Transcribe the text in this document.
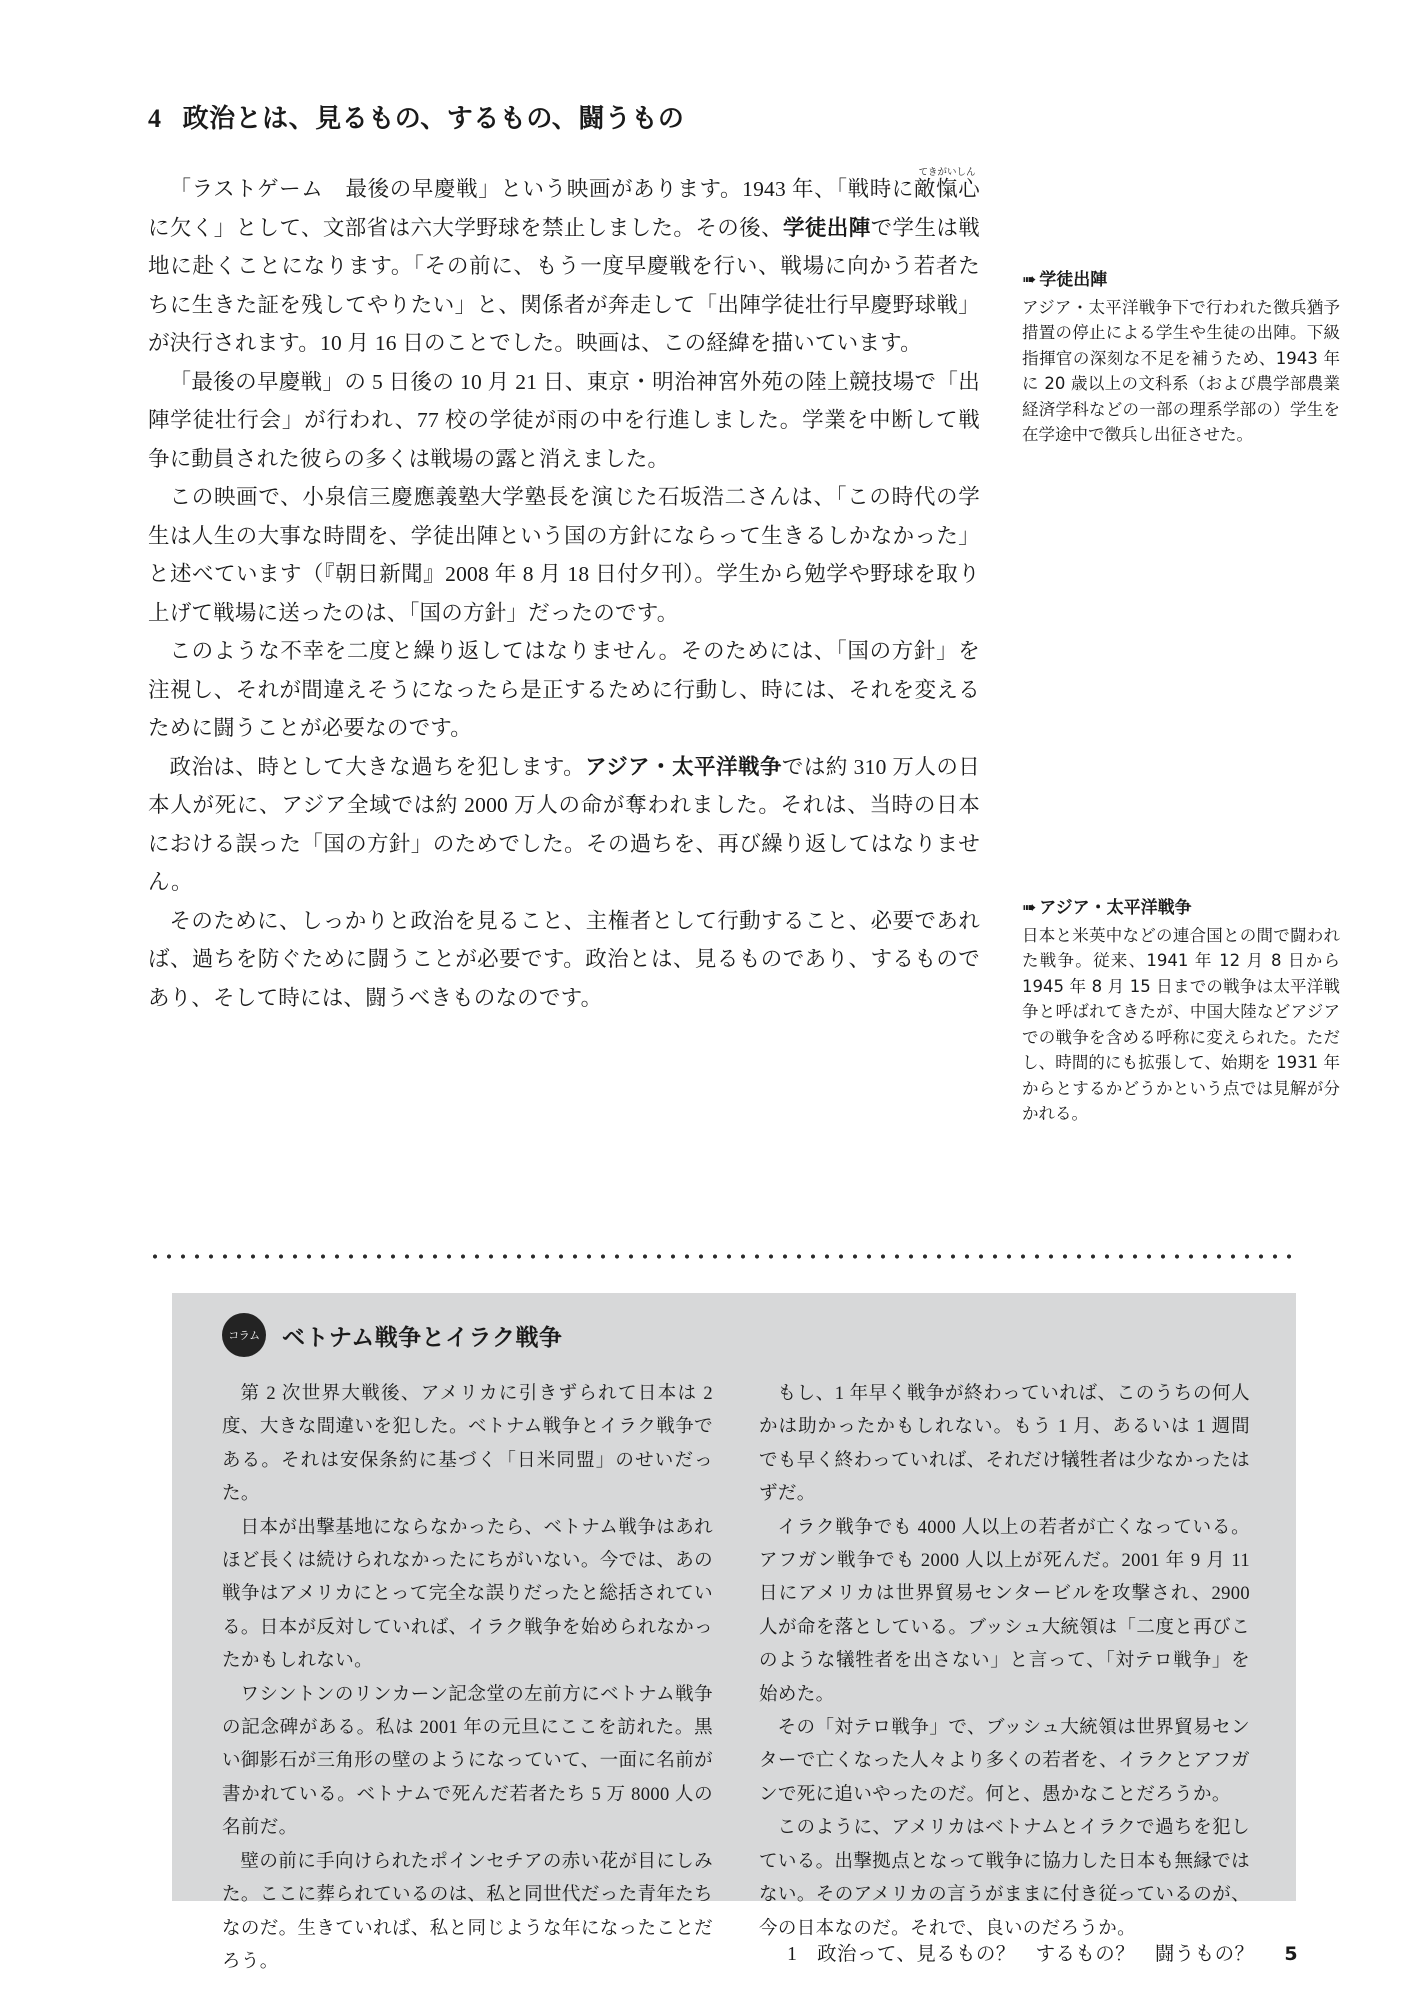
4 政治とは、見るもの、するもの、闘うもの

「ラストゲーム　最後の早慶戦」という映画があります。1943 年、「戦時に敵愾心てきがいしんに欠く」として、文部省は六大学野球を禁止しました。その後、学徒出陣で学生は戦地に赴くことになります。「その前に、もう一度早慶戦を行い、戦場に向かう若者たちに生きた証を残してやりたい」と、関係者が奔走して「出陣学徒壮行早慶野球戦」が決行されます。10 月 16 日のことでした。映画は、この経緯を描いています。

「最後の早慶戦」の 5 日後の 10 月 21 日、東京・明治神宮外苑の陸上競技場で「出陣学徒壮行会」が行われ、77 校の学徒が雨の中を行進しました。学業を中断して戦争に動員された彼らの多くは戦場の露と消えました。

この映画で、小泉信三慶應義塾大学塾長を演じた石坂浩二さんは、「この時代の学生は人生の大事な時間を、学徒出陣という国の方針にならって生きるしかなかった」と述べています（『朝日新聞』2008 年 8 月 18 日付夕刊）。学生から勉学や野球を取り上げて戦場に送ったのは、「国の方針」だったのです。

このような不幸を二度と繰り返してはなりません。そのためには、「国の方針」を注視し、それが間違えそうになったら是正するために行動し、時には、それを変えるために闘うことが必要なのです。

政治は、時として大きな過ちを犯します。アジア・太平洋戦争では約 310 万人の日本人が死に、アジア全域では約 2000 万人の命が奪われました。それは、当時の日本における誤った「国の方針」のためでした。その過ちを、再び繰り返してはなりません。

そのために、しっかりと政治を見ること、主権者として行動すること、必要であれば、過ちを防ぐために闘うことが必要です。政治とは、見るものであり、するものであり、そして時には、闘うべきものなのです。

➠ 学徒出陣
アジア・太平洋戦争下で行われた徴兵猶予措置の停止による学生や生徒の出陣。下級指揮官の深刻な不足を補うため、1943 年に 20 歳以上の文科系（および農学部農業経済学科などの一部の理系学部の）学生を在学途中で徴兵し出征させた。
➠ アジア・太平洋戦争
日本と米英中などの連合国との間で闘われた戦争。従来、1941 年 12 月 8 日から 1945 年 8 月 15 日までの戦争は太平洋戦争と呼ばれてきたが、中国大陸などアジアでの戦争を含める呼称に変えられた。ただし、時間的にも拡張して、始期を 1931 年からとするかどうかという点では見解が分かれる。
コラム ベトナム戦争とイラク戦争

第 2 次世界大戦後、アメリカに引きずられて日本は 2 度、大きな間違いを犯した。ベトナム戦争とイラク戦争である。それは安保条約に基づく「日米同盟」のせいだった。

日本が出撃基地にならなかったら、ベトナム戦争はあれほど長くは続けられなかったにちがいない。今では、あの戦争はアメリカにとって完全な誤りだったと総括されている。日本が反対していれば、イラク戦争を始められなかったかもしれない。

ワシントンのリンカーン記念堂の左前方にベトナム戦争の記念碑がある。私は 2001 年の元旦にここを訪れた。黒い御影石が三角形の壁のようになっていて、一面に名前が書かれている。ベトナムで死んだ若者たち 5 万 8000 人の名前だ。

壁の前に手向けられたポインセチアの赤い花が目にしみた。ここに葬られているのは、私と同世代だった青年たちなのだ。生きていれば、私と同じような年になったことだろう。

もし、1 年早く戦争が終わっていれば、このうちの何人かは助かったかもしれない。もう 1 月、あるいは 1 週間でも早く終わっていれば、それだけ犠牲者は少なかったはずだ。

イラク戦争でも 4000 人以上の若者が亡くなっている。アフガン戦争でも 2000 人以上が死んだ。2001 年 9 月 11 日にアメリカは世界貿易センタービルを攻撃され、2900 人が命を落としている。ブッシュ大統領は「二度と再びこのような犠牲者を出さない」と言って、「対テロ戦争」を始めた。

その「対テロ戦争」で、ブッシュ大統領は世界貿易センターで亡くなった人々より多くの若者を、イラクとアフガンで死に追いやったのだ。何と、愚かなことだろうか。

このように、アメリカはベトナムとイラクで過ちを犯している。出撃拠点となって戦争に協力した日本も無縁ではない。そのアメリカの言うがままに付き従っているのが、今の日本なのだ。それで、良いのだろうか。

1　政治って、見るもの？　するもの？　闘うもの？ 5
